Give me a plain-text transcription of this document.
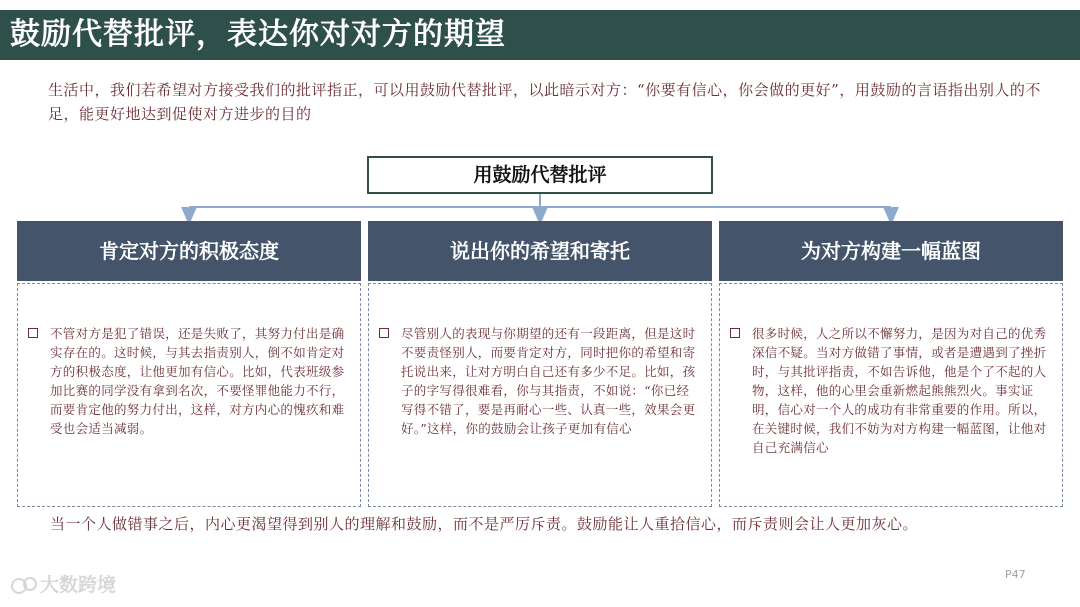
鼓励代替批评，表达你对对方的期望
生活中，我们若希望对方接受我们的批评指正，可以用鼓励代替批评，以此暗示对方：“你要有信心，你会做的更好”，用鼓励的言语指出别人的不足，能更好地达到促使对方进步的目的
用鼓励代替批评
肯定对方的积极态度
不管对方是犯了错误，还是失败了，其努力付出是确实存在的。这时候，与其去指责别人，倒不如肯定对方的积极态度，让他更加有信心。比如，代表班级参加比赛的同学没有拿到名次，不要怪罪他能力不行，而要肯定他的努力付出，这样，对方内心的愧疚和难受也会适当减弱。
说出你的希望和寄托
尽管别人的表现与你期望的还有一段距离，但是这时不要责怪别人，而要肯定对方，同时把你的希望和寄托说出来，让对方明白自己还有多少不足。比如，孩子的字写得很难看，你与其指责，不如说：“你已经写得不错了，要是再耐心一些、认真一些，效果会更好。”这样，你的鼓励会让孩子更加有信心
为对方构建一幅蓝图
很多时候，人之所以不懈努力，是因为对自己的优秀深信不疑。当对方做错了事情，或者是遭遇到了挫折时，与其批评指责，不如告诉他，他是个了不起的人物，这样，他的心里会重新燃起熊熊烈火。事实证明，信心对一个人的成功有非常重要的作用。所以，在关键时候，我们不妨为对方构建一幅蓝图，让他对自己充满信心
当一个人做错事之后，内心更渴望得到别人的理解和鼓励，而不是严厉斥责。鼓励能让人重拾信心，而斥责则会让人更加灰心。
大数跨境	P47
